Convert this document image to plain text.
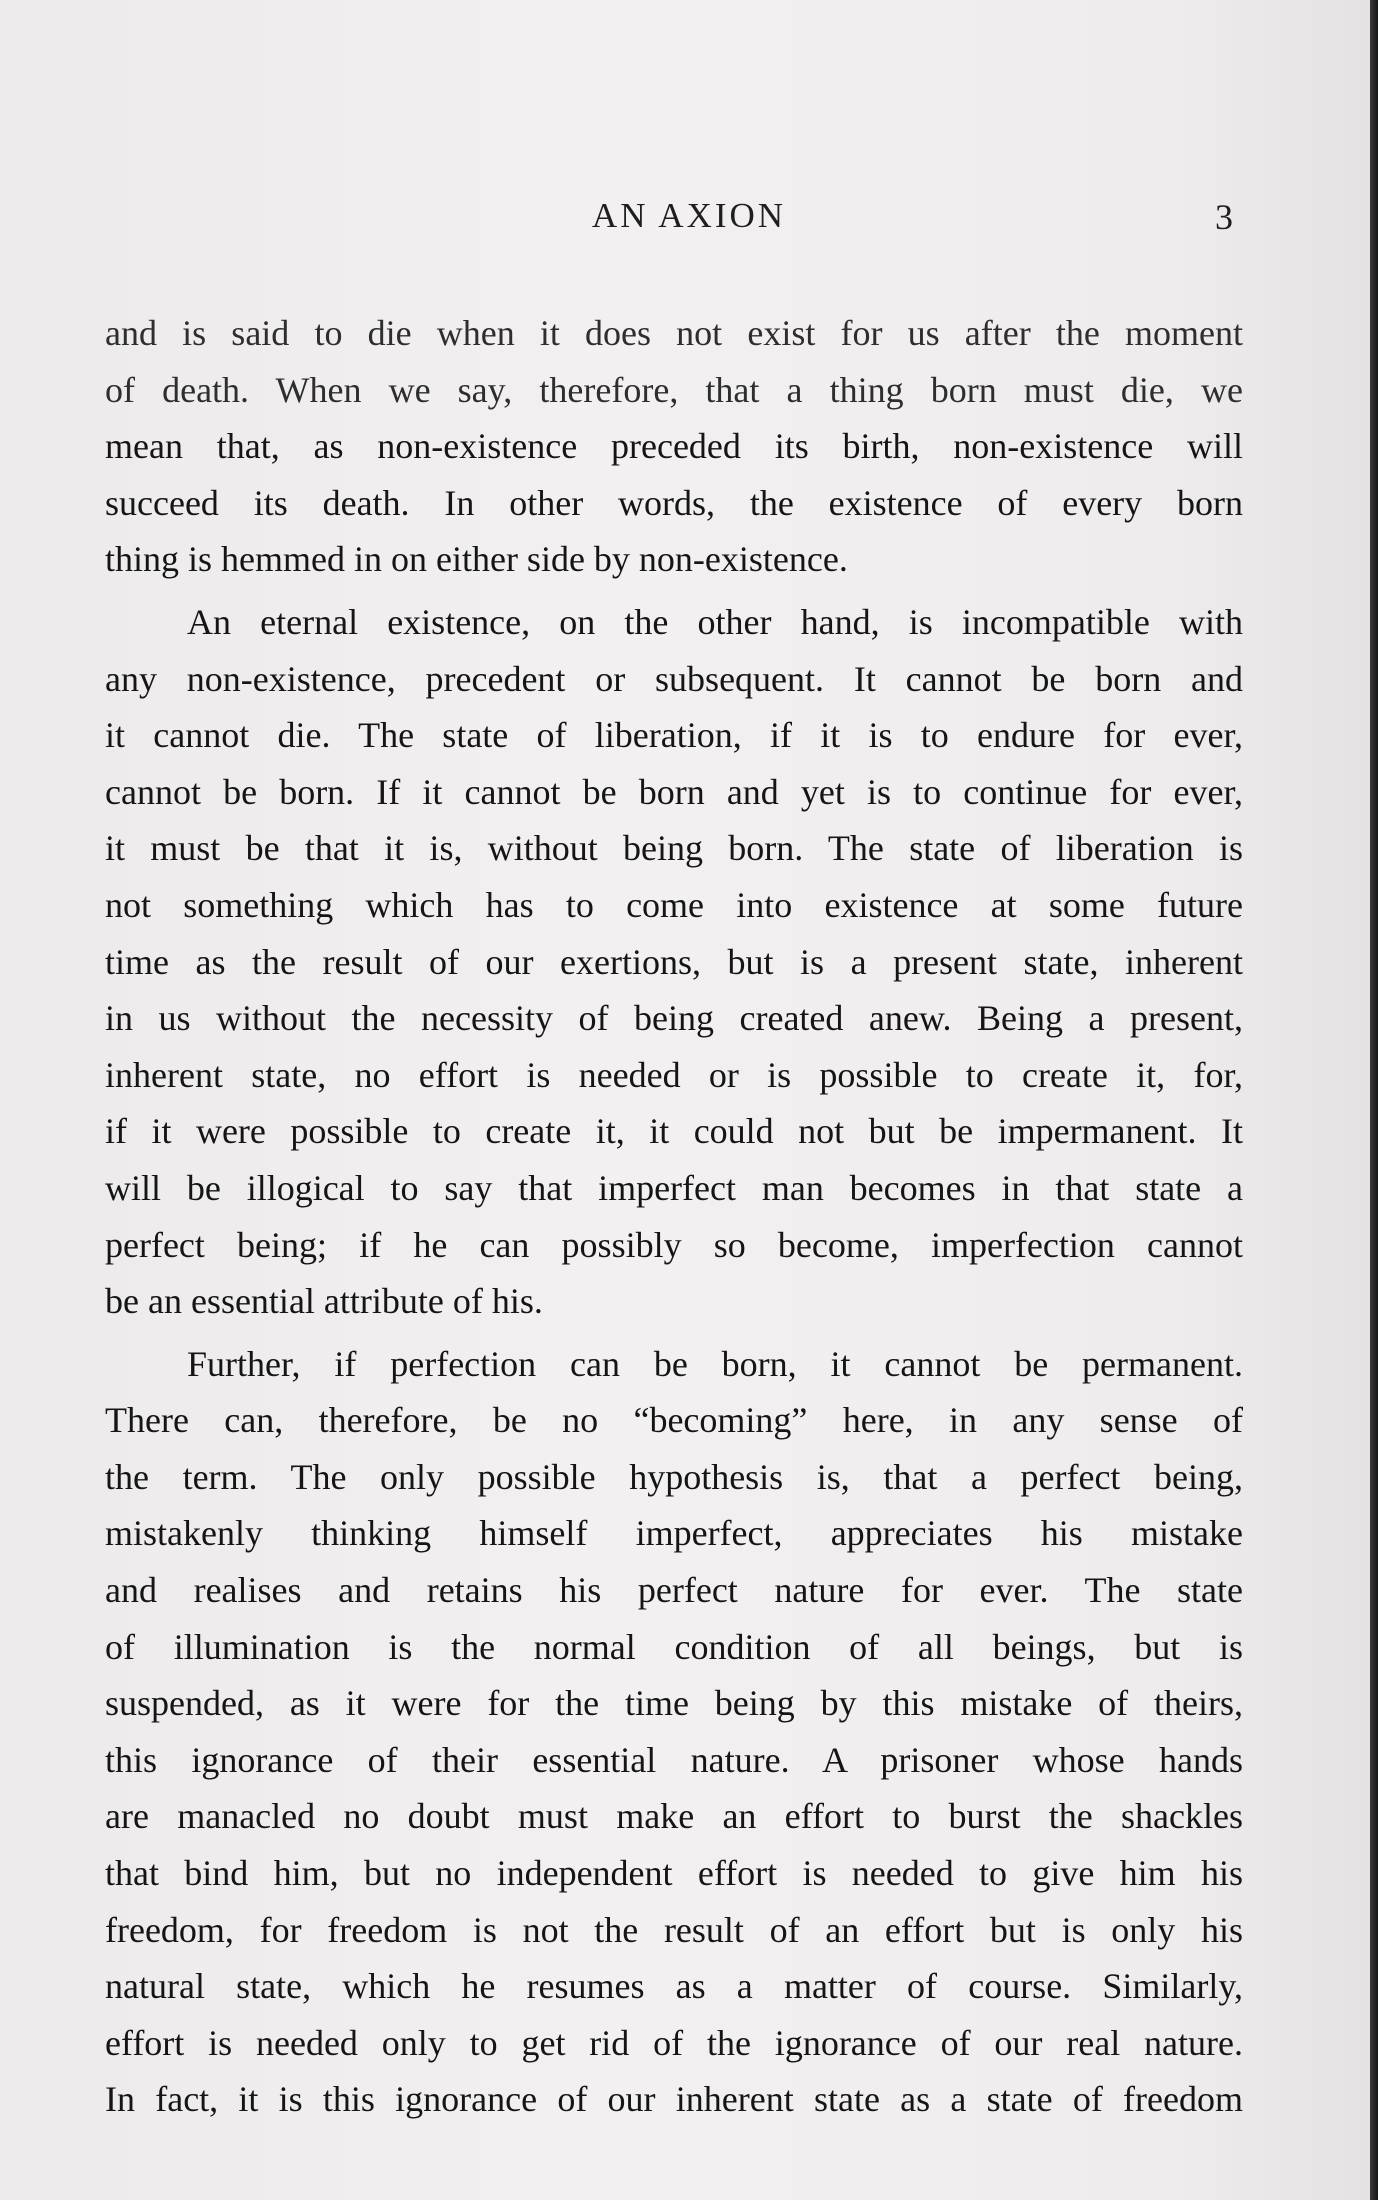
AN AXION	3
and is said to die when it does not exist for us after the moment
of death. When we say, therefore, that a thing born must die, we
mean that, as non-existence preceded its birth, non-existence will
succeed its death. In other words, the existence of every born
thing is hemmed in on either side by non-existence.
An eternal existence, on the other hand, is incompatible with
any non-existence, precedent or subsequent. It cannot be born and
it cannot die. The state of liberation, if it is to endure for ever,
cannot be born. If it cannot be born and yet is to continue for ever,
it must be that it is, without being born. The state of liberation is
not something which has to come into existence at some future
time as the result of our exertions, but is a present state, inherent
in us without the necessity of being created anew. Being a present,
inherent state, no effort is needed or is possible to create it, for,
if it were possible to create it, it could not but be impermanent. It
will be illogical to say that imperfect man becomes in that state a
perfect being; if he can possibly so become, imperfection cannot
be an essential attribute of his.
Further, if perfection can be born, it cannot be permanent.
There can, therefore, be no “becoming” here, in any sense of
the term. The only possible hypothesis is, that a perfect being,
mistakenly thinking himself imperfect, appreciates his mistake
and realises and retains his perfect nature for ever. The state
of illumination is the normal condition of all beings, but is
suspended, as it were for the time being by this mistake of theirs,
this ignorance of their essential nature. A prisoner whose hands
are manacled no doubt must make an effort to burst the shackles
that bind him, but no independent effort is needed to give him his
freedom, for freedom is not the result of an effort but is only his
natural state, which he resumes as a matter of course. Similarly,
effort is needed only to get rid of the ignorance of our real nature.
In fact, it is this ignorance of our inherent state as a state of freedom
